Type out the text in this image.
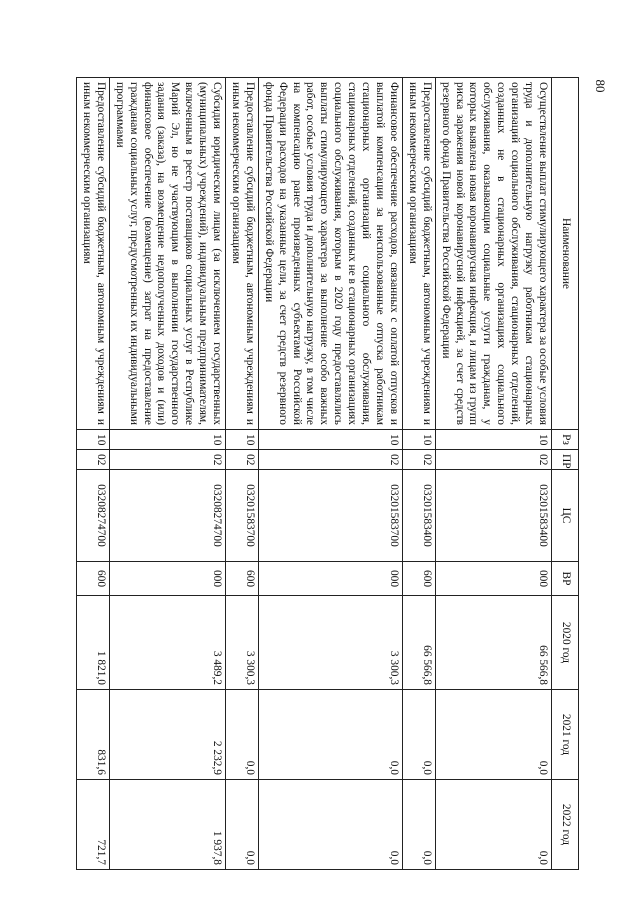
80
Наименование	Рз	ПР	ЦС	ВР	2020 год	2021 год	2022 год
Осуществление выплат стимулирующего характера за особые условия труда и дополнительную нагрузку работникам стационарных организаций социального обслуживания, стационарных отделений, созданных не в стационарных организациях социального обслуживания, оказывающим социальные услуги гражданам, у которых выявлена новая коронавирусная инфекция, и лицам из групп риска заражения новой коронавирусной инфекцией, за счет средств резервного фонда Правительства Российской Федерации	10	02	03201583400	000	66 566,8	0,0	0,0
Предоставление субсидий бюджетным, автономным учреждениям и иным некоммерческим организациям	10	02	03201583400	600	66 566,8	0,0	0,0
Финансовое обеспечение расходов, связанных с оплатой отпусков и выплатой компенсации за неиспользованные отпуска работникам стационарных организаций социального обслуживания, стационарных отделений, созданных не в стационарных организациях социального обслуживания, которым в 2020 году предоставлялись выплаты стимулирующего характера за выполнение особо важных работ, особые условия труда и дополнительную нагрузку, в том числе на компенсацию ранее произведенных субъектами Российской Федерации расходов на указанные цели, за счет средств резервного фонда Правительства Российской Федерации	10	02	03201583700	000	3 300,3	0,0	0,0
Предоставление субсидий бюджетным, автономным учреждениям и иным некоммерческим организациям	10	02	03201583700	600	3 300,3	0,0	0,0
Субсидия юридическим лицам (за исключением государственных (муниципальных) учреждений), индивидуальным предпринимателям, включенным в реестр поставщиков социальных услуг в Республике Марий Эл, но не участвующим в выполнении государственного задания (заказа), на возмещение недополученных доходов и (или) финансовое обеспечение (возмещение) затрат на предоставление гражданам социальных услуг, предусмотренных их индивидуальными программами	10	02	03208274700	000	3 489,2	2 232,9	1 937,8
Предоставление субсидий бюджетным, автономным учреждениям и иным некоммерческим организациям	10	02	03208274700	600	1 821,0	831,6	721,7
